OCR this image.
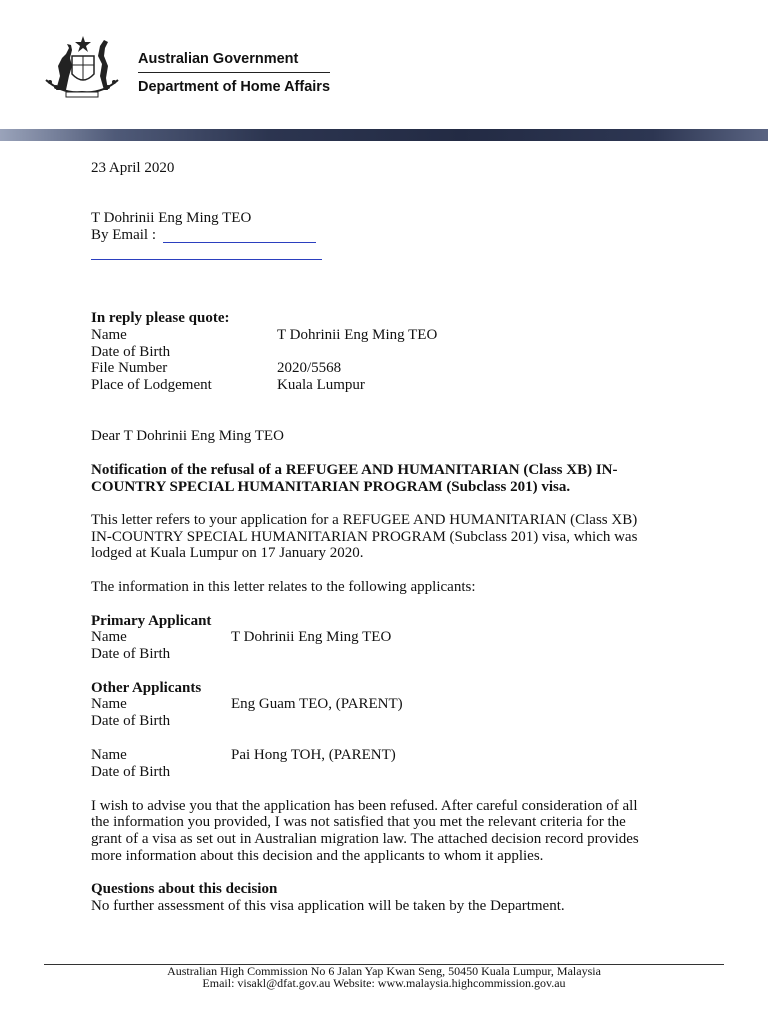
Australian Government
Department of Home Affairs
23 April 2020
T Dohrinii Eng Ming TEO
By Email :
In reply please quote:
Name	T Dohrinii Eng Ming TEO
Date of Birth
File Number	2020/5568
Place of Lodgement	Kuala Lumpur
Dear T Dohrinii Eng Ming TEO
Notification of the refusal of a REFUGEE AND HUMANITARIAN (Class XB) IN-
COUNTRY SPECIAL HUMANITARIAN PROGRAM (Subclass 201) visa.
This letter refers to your application for a REFUGEE AND HUMANITARIAN (Class XB)
IN-COUNTRY SPECIAL HUMANITARIAN PROGRAM (Subclass 201) visa, which was
lodged at Kuala Lumpur on 17 January 2020.
The information in this letter relates to the following applicants:
Primary Applicant
Name	T Dohrinii Eng Ming TEO
Date of Birth
Other Applicants
Name	Eng Guam TEO, (PARENT)
Date of Birth
Name	Pai Hong TOH, (PARENT)
Date of Birth
I wish to advise you that the application has been refused. After careful consideration of all
the information you provided, I was not satisfied that you met the relevant criteria for the
grant of a visa as set out in Australian migration law. The attached decision record provides
more information about this decision and the applicants to whom it applies.
Questions about this decision
No further assessment of this visa application will be taken by the Department.
Australian High Commission No 6 Jalan Yap Kwan Seng, 50450 Kuala Lumpur, Malaysia
Email: visakl@dfat.gov.au Website: www.malaysia.highcommission.gov.au
